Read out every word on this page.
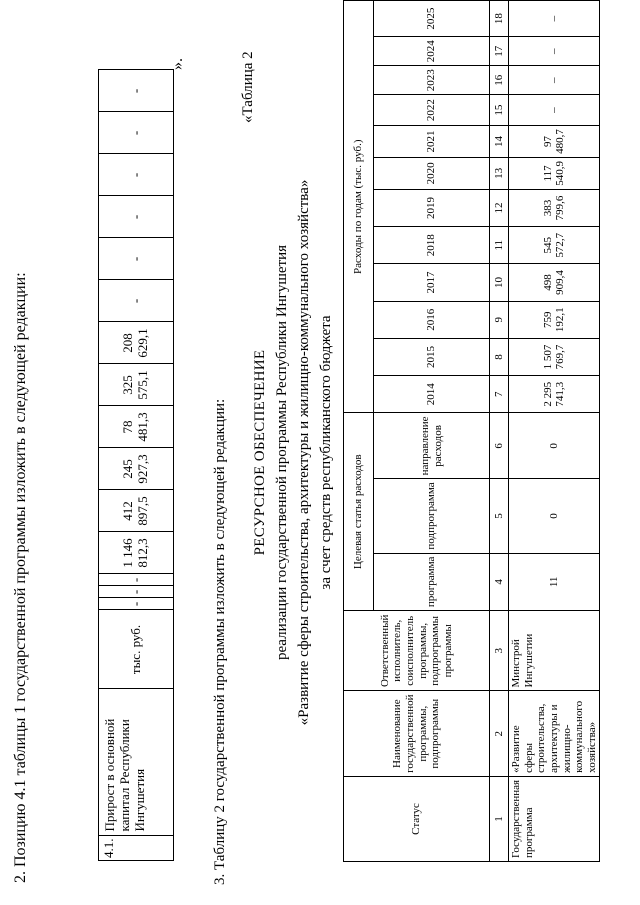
2. Позицию 4.1 таблицы 1 государственной программы изложить в следующей редакции:	4.1.	Прирост в основной капитал Республики Ингушетия	тыс. руб.	-	-	-	1 146 812,3	412 897,5	245 927,3	78 481,3	325 575,1	208 629,1	-	-	-	-	-	-
».
3. Таблицу 2 государственной программы изложить в следующей редакции:
«Таблица 2
РЕСУРСНОЕ ОБЕСПЕЧЕНИЕ реализации государственной программы Республики Ингушетия «Развитие сферы строительства, архитектуры и жилищно-коммунального хозяйства» за счет средств республиканского бюджета
Статус	Наименование государственной программы, подпрограммы	Ответственный исполнитель, соисполнитель программы, подпрограммы программы	Целевая статья расходов			Расходы по годам (тыс. руб.)											
			программа	подпрограмма	направление расходов	2014	2015	2016	2017	2018	2019	2020	2021	2022	2023	2024	2025
1	2	3	4	5	6	7	8	9	10	11	12	13	14	15	16	17	18
Государственная программа	«Развитие сферы строительства, архитектуры и жилищно-коммунального хозяйства»	Минстрой Ингушетии	11	0	0	2 295 741,3	1 507 769,7	759 192,1	498 909,4	545 572,7	383 799,6	117 540,9	97 480,7	–	–	–	–
